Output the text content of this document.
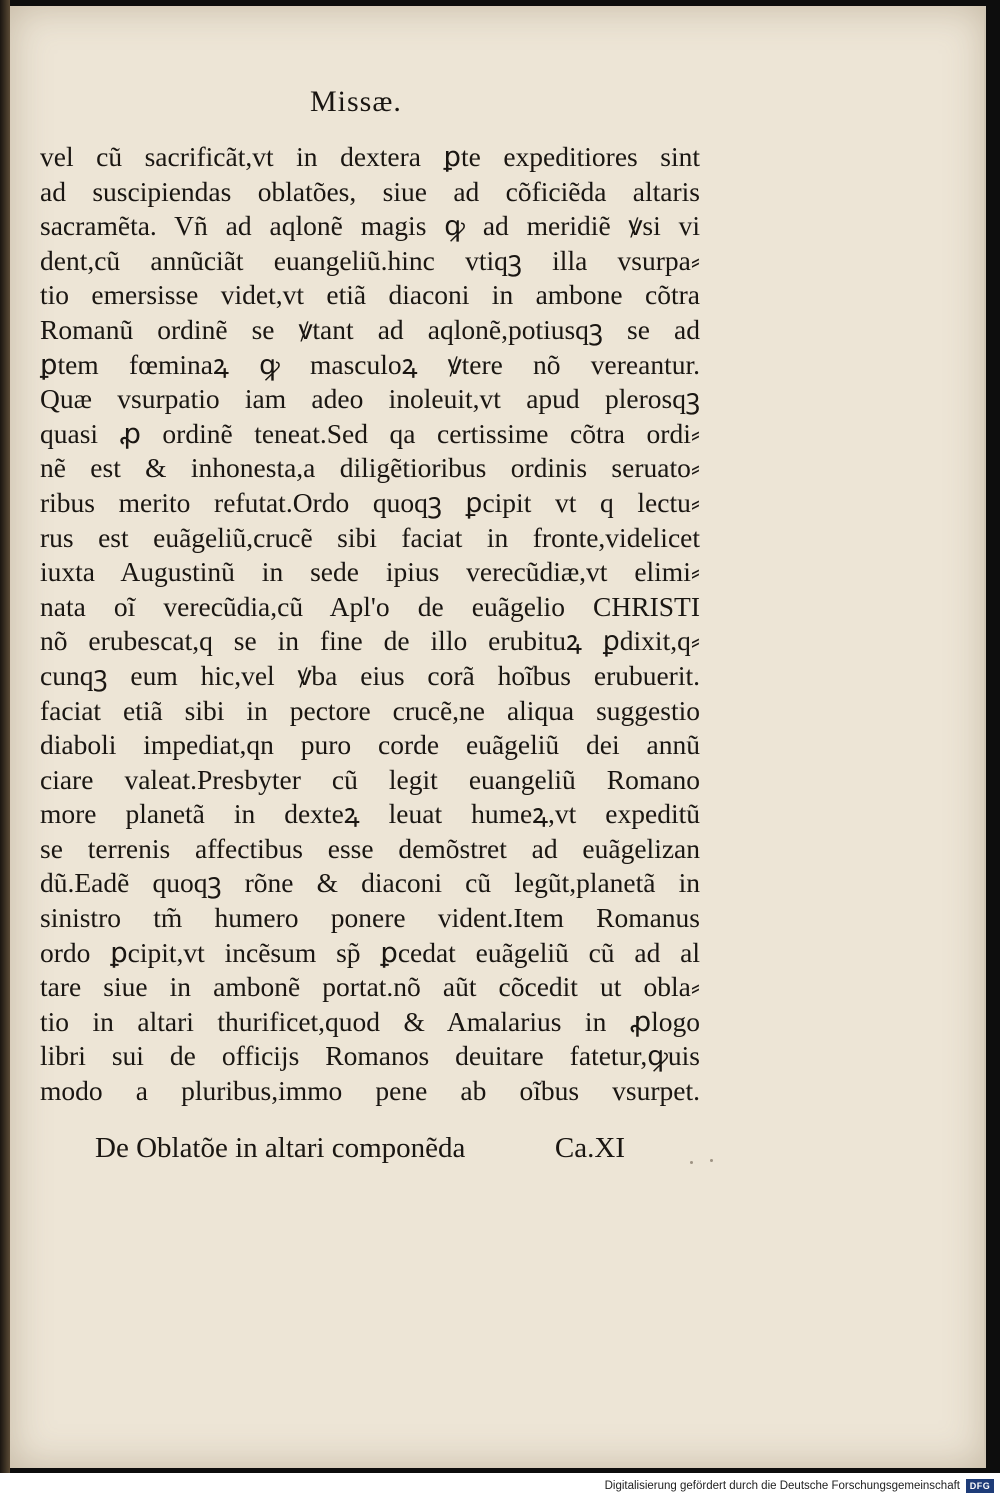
Missæ.
vel cũ sacrificãt,vt in dextera ꝑte expeditiores sint
ad suscipiendas oblatões, siue ad cõficiẽda altaris
sacramẽta. Vñ ad aqlonẽ magis ꝙ ad meridiẽ ꝟsi vi
dent,cũ annũciãt euangeliũ.hinc vtiqꝫ illa vsurpa⸗
tio emersisse videt,vt etiã diaconi in ambone cõtra
Romanũ ordinẽ se ꝟtant ad aqlonẽ,potiusqꝫ se ad
ꝑtem fœminaꝝ ꝙ masculoꝝ ꝟtere nõ vereantur.
Quæ vsurpatio iam adeo inoleuit,vt apud plerosqꝫ
quasi ꝓ ordinẽ teneat.Sed qa certissime cõtra ordi⸗
nẽ est & inhonesta,a diligẽtioribus ordinis seruato⸗
ribus merito refutat.Ordo quoqꝫ ꝑcipit vt q lectu⸗
rus est euãgeliũ,crucẽ sibi faciat in fronte,videlicet
iuxta Augustinũ in sede ipius verecũdiæ,vt elimi⸗
nata oĩ verecũdia,cũ Apl'o de euãgelio CHRISTI
nõ erubescat,q se in fine de illo erubituꝝ ꝑdixit,q⸗
cunqꝫ eum hic,vel ꝟba eius corã hoĩbus erubuerit.
faciat etiã sibi in pectore crucẽ,ne aliqua suggestio
diaboli impediat,qn puro corde euãgeliũ dei annũ
ciare valeat.Presbyter cũ legit euangeliũ Romano
more planetã in dexteꝝ leuat humeꝝ,vt expeditũ
se terrenis affectibus esse demõstret ad euãgelizan
dũ.Eadẽ quoqꝫ rõne & diaconi cũ legũt,planetã in
sinistro tm̃ humero ponere vident.Item Romanus
ordo ꝑcipit,vt incẽsum sp̃ ꝑcedat euãgeliũ cũ ad al
tare siue in ambonẽ portat.nõ aũt cõcedit ut obla⸗
tio in altari thurificet,quod & Amalarius in ꝓlogo
libri sui de officijs Romanos deuitare fatetur,ꝙuis
modo a pluribus,immo pene ab oĩbus vsurpet.
De Oblatõe in altari componẽda	Ca.XI
Digitalisierung gefördert durch die Deutsche Forschungsgemeinschaft	DFG
